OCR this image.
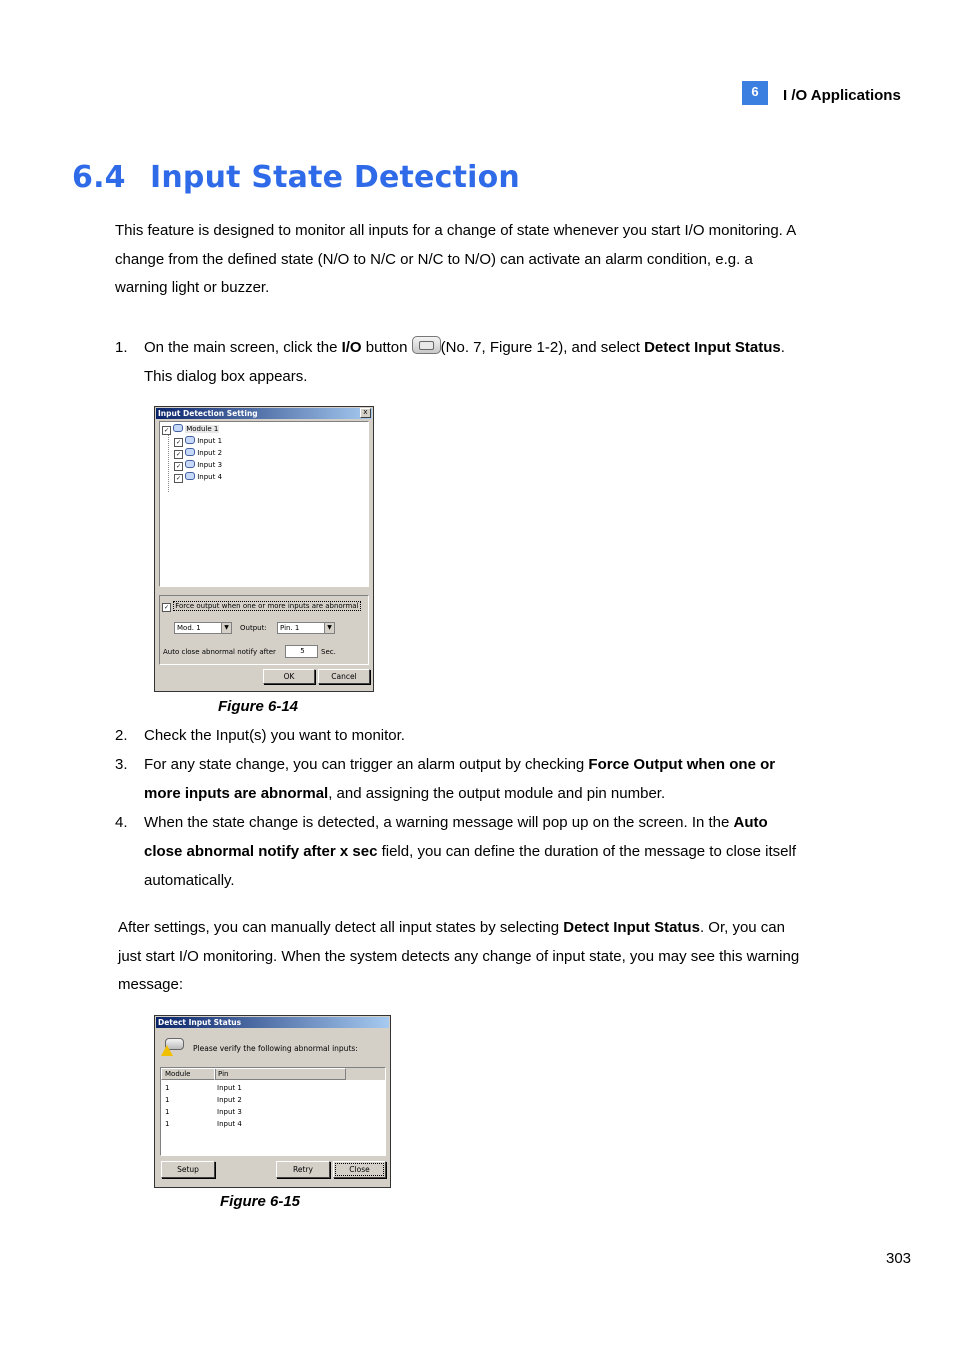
6	I /O Applications
6.4 Input State Detection
This feature is designed to monitor all inputs for a change of state whenever you start I/O monitoring. A
change from the defined state (N/O to N/C or N/C to N/O) can activate an alarm condition, e.g. a
warning light or buzzer.
1. On the main screen, click the I/O button
(No. 7, Figure 1-2), and select Detect Input Status.
This dialog box appears.
Input Detection Setting	x
✓ Module 1
✓ Input 1
✓ Input 2
✓ Input 3
✓ Input 4
✓ Force output when one or more inputs are abnormal
Mod. 1	▼	Output:	Pin. 1	▼
Auto close abnormal notify after	5	Sec.
OK	Cancel
Figure 6-14
2. Check the Input(s) you want to monitor.
3. For any state change, you can trigger an alarm output by checking Force Output when one or
more inputs are abnormal, and assigning the output module and pin number.
4. When the state change is detected, a warning message will pop up on the screen. In the Auto
close abnormal notify after x sec field, you can define the duration of the message to close itself
automatically.
After settings, you can manually detect all input states by selecting Detect Input Status. Or, you can
just start I/O monitoring. When the system detects any change of input state, you may see this warning
message:
Detect Input Status
Please verify the following abnormal inputs:
Module	Pin
1	Input 1
1	Input 2
1	Input 3
1	Input 4
Setup	Retry	Close
Figure 6-15
303
